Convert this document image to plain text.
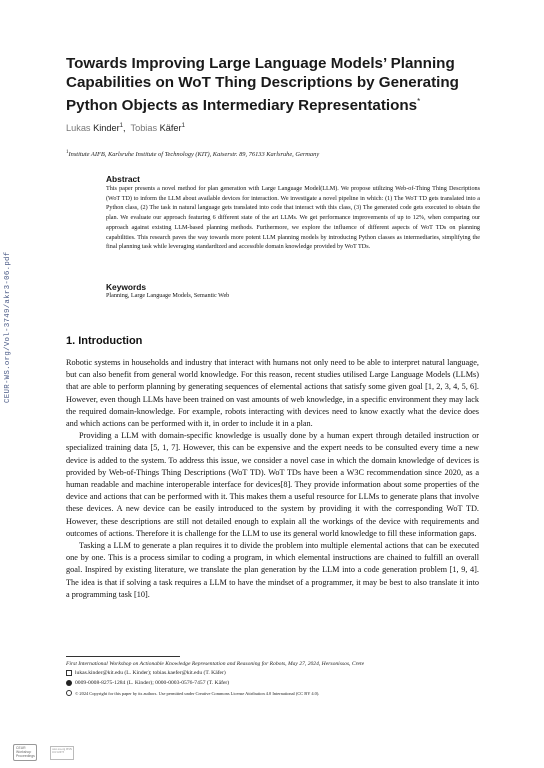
CEUR-WS.org/Vol-3749/akr3-06.pdf
Towards Improving Large Language Models’ Planning Capabilities on WoT Thing Descriptions by Generating Python Objects as Intermediary Representations*
Lukas Kinder$^1$,  Tobias Käfer$^1$
$^1$Institute AIFB, Karlsruhe Institute of Technology (KIT), Kaiserstr. 89, 76133 Karlsruhe, Germany
Abstract
This paper presents a novel method for plan generation with Large Language Model(LLM). We propose utilizing Web-of-Thing Thing Descriptions (WoT TD) to inform the LLM about available devices for interaction. We investigate a novel pipeline in which: (1) The WoT TD gets translated into a Python class, (2) The task in natural language gets translated into code that interact with this class, (3) The generated code gets executed to obtain the plan. We evaluate our approach featuring 6 different state of the art LLMs. We get performance improvements of up to 12%, when comparing our approach against existing LLM-based planning methods. Furthermore, we explore the influence of different aspects of WoT TDs on planning capabilities. This research paves the way towards more potent LLM planning models by introducing Python classes as intermediaries, simplifying the final planning task while leveraging standardized and accessible domain knowledge provided by WoT TDs.
Keywords
Planning, Large Language Models, Semantic Web
1. Introduction

Robotic systems in households and industry that interact with humans not only need to be able to interpret natural language, but can also benefit from general world knowledge. For this reason, recent studies utilised Large Language Models (LLMs) that are able to perform planning by generating sequences of elemental actions that satisfy some given goal [1, 2, 3, 4, 5, 6]. However, even though LLMs have been trained on vast amounts of web knowledge, in a specific environment they may lack the required domain-knowledge. For example, robots interacting with devices need to know exactly what the device does and which actions can be performed with it, in order to include it in a plan.

Providing a LLM with domain-specific knowledge is usually done by a human expert through detailed instruction or specialized training data [5, 1, 7]. However, this can be expensive and the expert needs to be consulted every time a new device is added to the system. To address this issue, we consider a novel case in which the domain knowledge of devices is provided by Web-of-Things Thing Descriptions (WoT TD). WoT TDs have been a W3C recommendation since 2020, as a human readable and machine interoperable interface for devices[8]. They provide information about some properties of the device and actions that can be performed with it. This makes them a useful resource for LLMs to generate plans that involve these devices. A new device can be easily introduced to the system by providing it with the corresponding WoT TD. However, these descriptions are still not detailed enough to explain all the workings of the device with requirements and outcomes of actions. Therefore it is challenge for the LLM to use its general world knowledge to fill these information gaps.

Tasking a LLM to generate a plan requires it to divide the problem into multiple elemental actions that can be executed one by one. This is a process similar to coding a program, in which elemental instructions are chained to fulfill an overall goal. Inspired by existing literature, we translate the plan generation by the LLM into a code generation problem [1, 9, 4]. The idea is that if solving a task requires a LLM to have the mindset of a programmer, it may be best to also translate it into a programming task [10].

First International Workshop on Actionable Knowledge Representation and Reasoning for Robots, May 27, 2024, Hersonissos, Crete
lukas.kinder@kit.edu (L. Kinder); tobias.kaefer@kit.edu (T. Käfer)
0009-0008-8275-1284 (L. Kinder); 0000-0003-0576-7457 (T. Käfer)
© 2024 Copyright for this paper by its authors. Use permitted under Creative Commons License Attribution 4.0 International (CC BY 4.0).
CEUR Workshop Proceedings
ceur-ws.org ISSN 1613-0073
